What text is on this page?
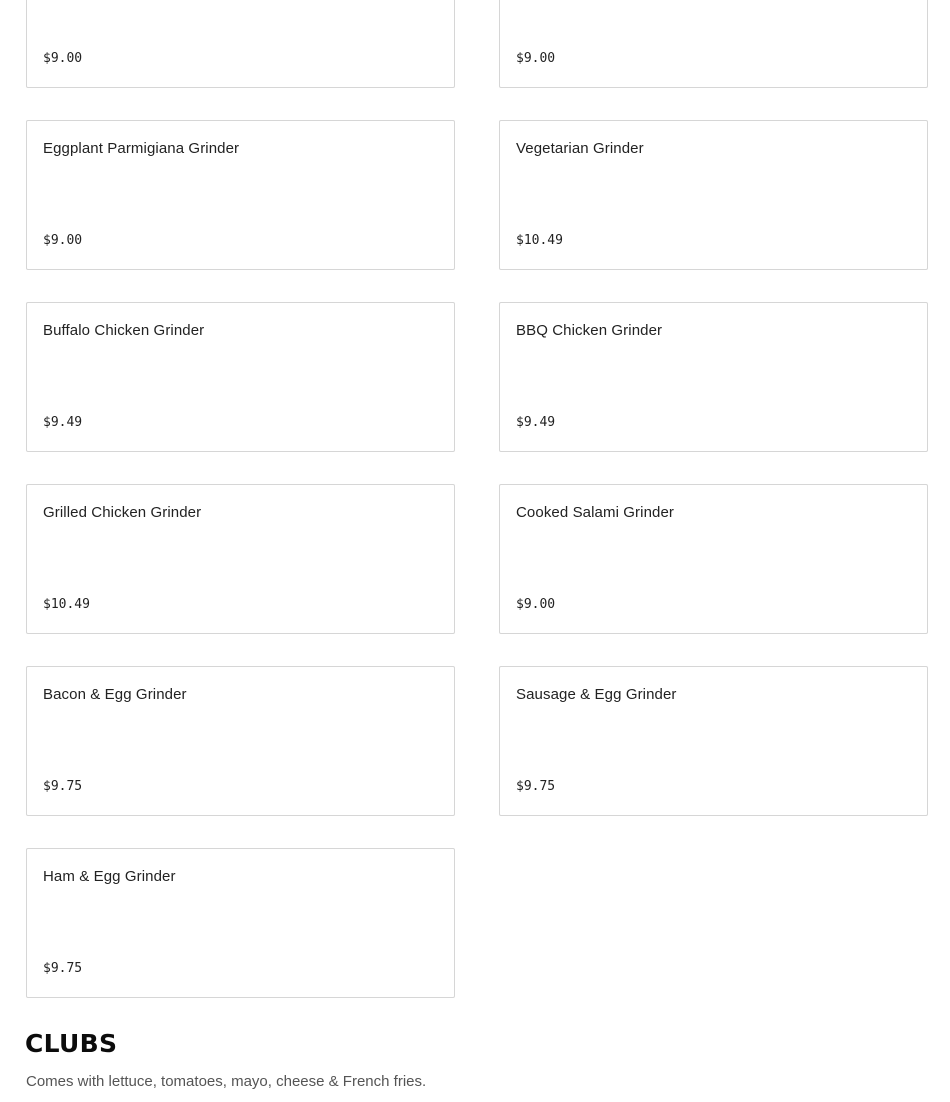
$9.00	$9.00
Eggplant Parmigiana Grinder
$9.00
Vegetarian Grinder
$10.49
Buffalo Chicken Grinder
$9.49
BBQ Chicken Grinder
$9.49
Grilled Chicken Grinder
$10.49
Cooked Salami Grinder
$9.00
Bacon & Egg Grinder
$9.75
Sausage & Egg Grinder
$9.75
Ham & Egg Grinder
$9.75
CLUBS

Comes with lettuce, tomatoes, mayo, cheese & French fries.
